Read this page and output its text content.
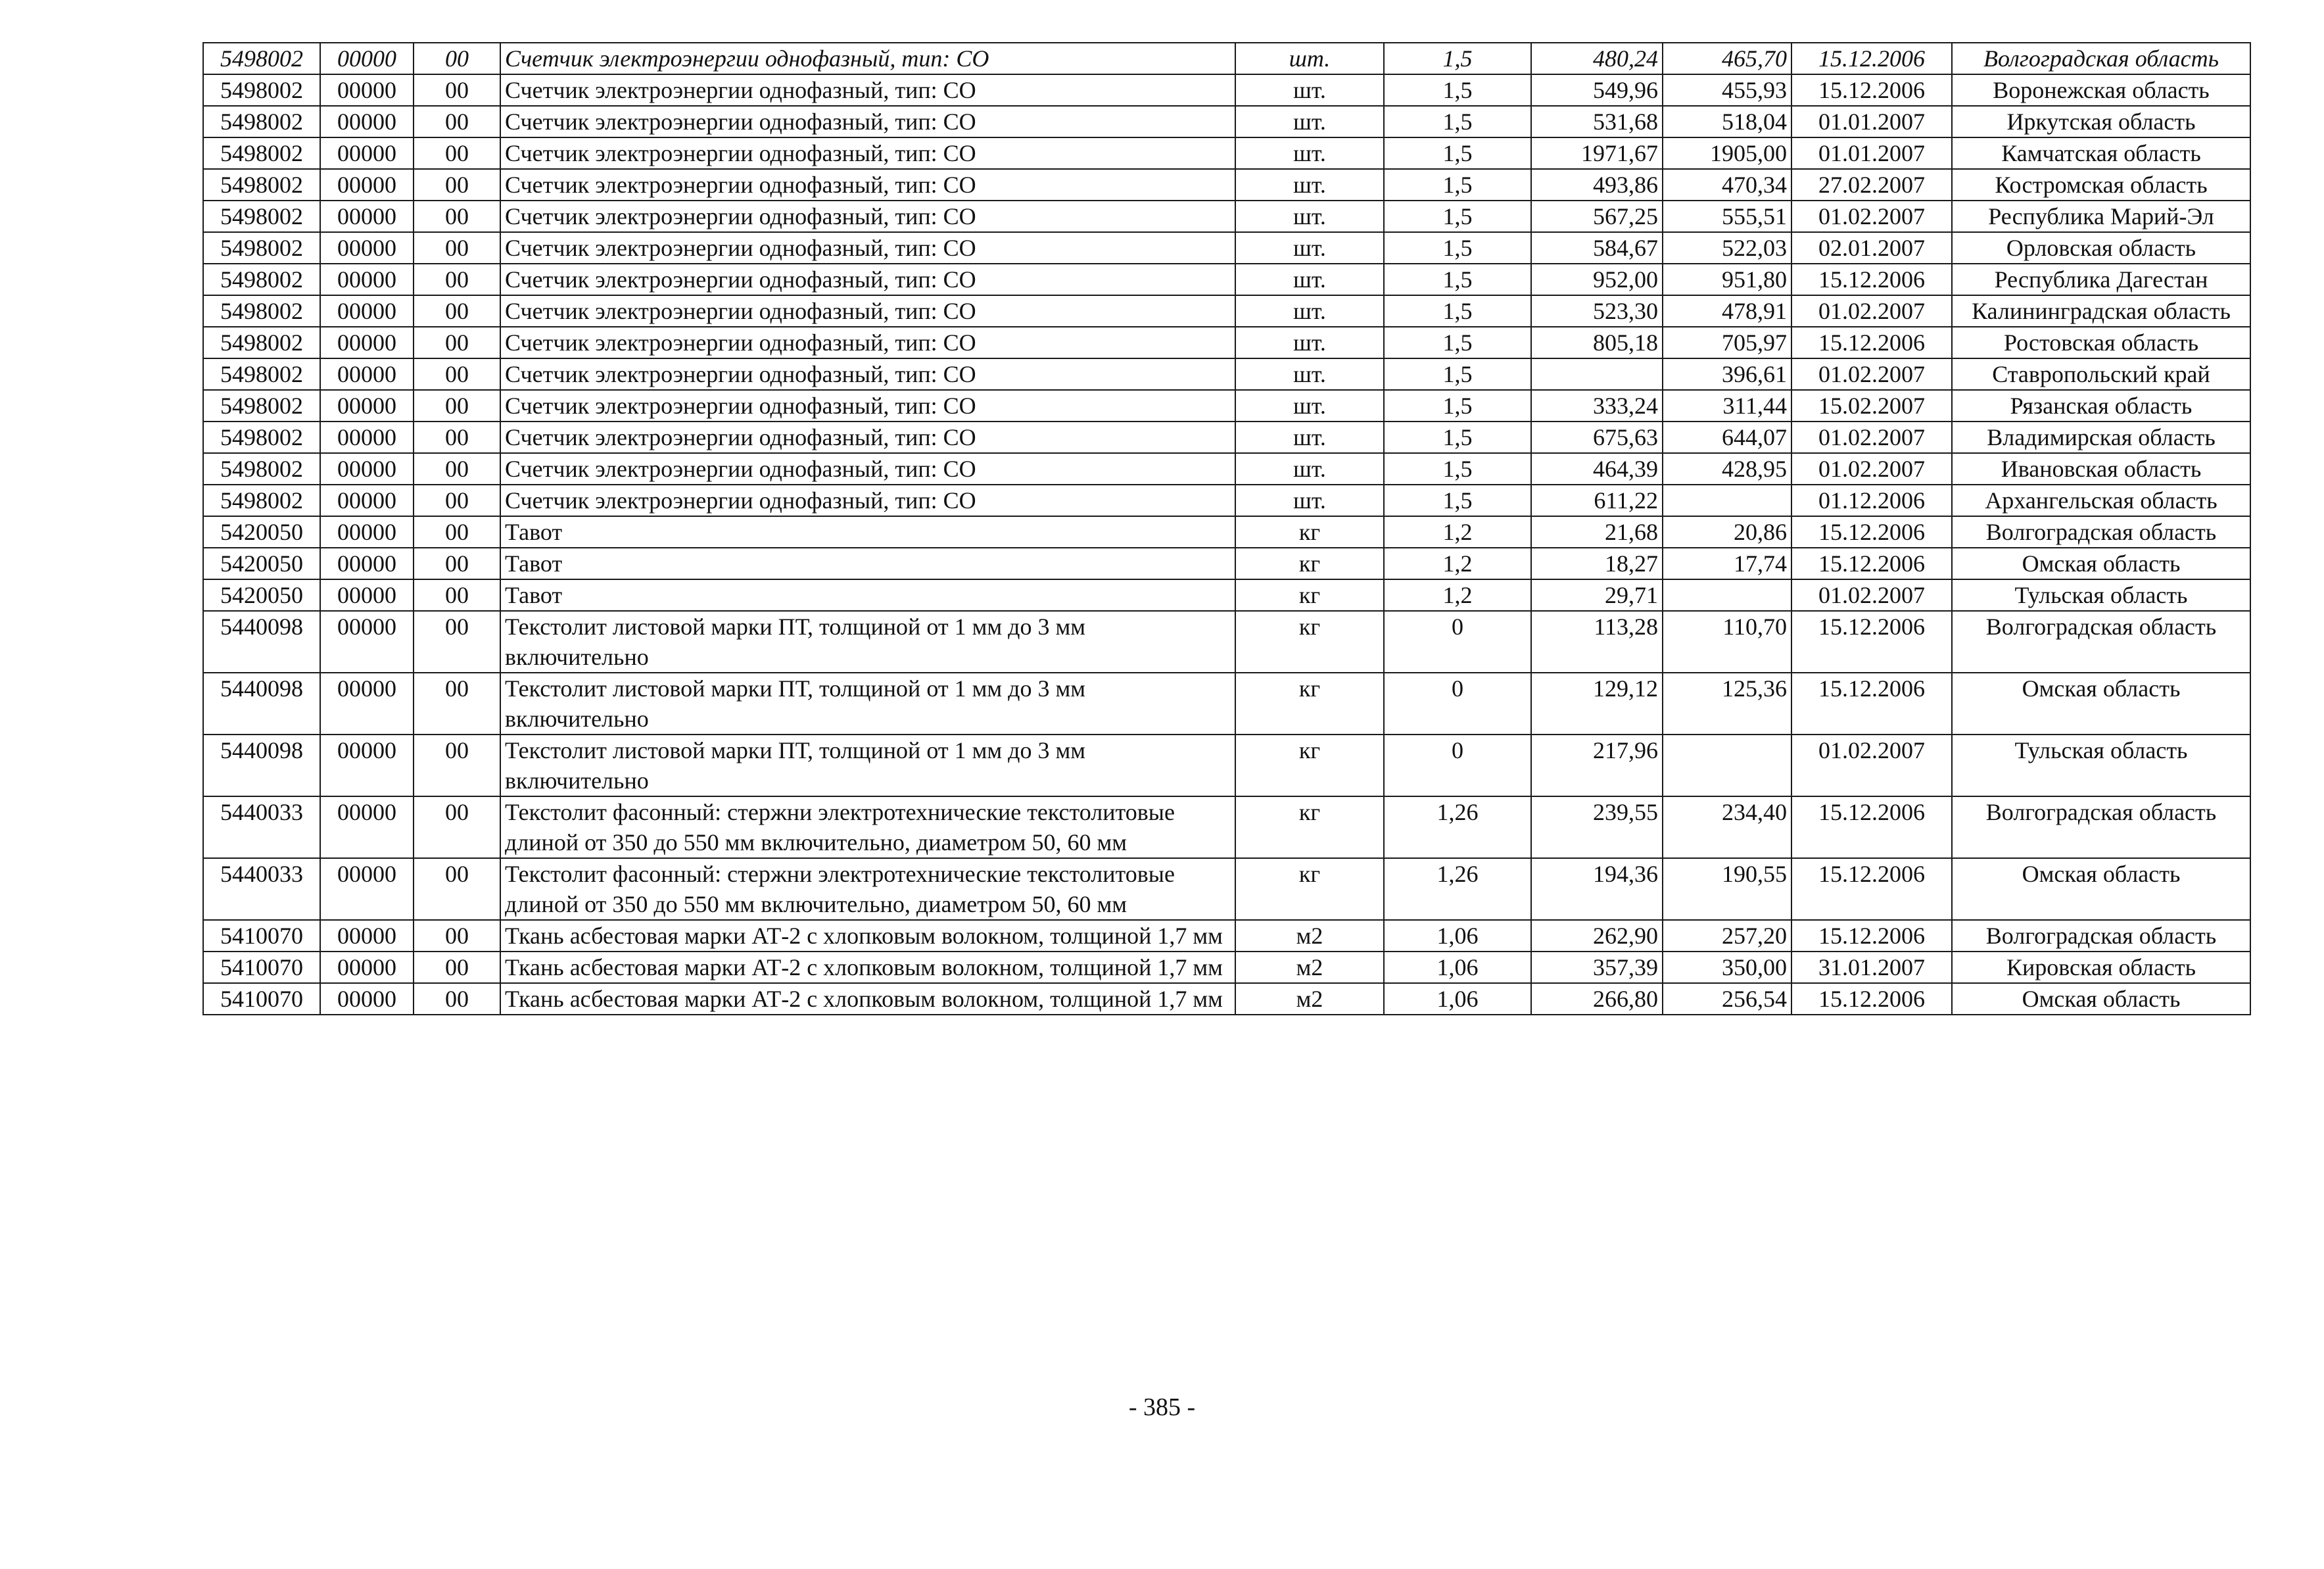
5498002	00000	00	Счетчик электроэнергии однофазный, тип: СО	шт.	1,5	480,24	465,70	15.12.2006	Волгоградская область
5498002	00000	00	Счетчик электроэнергии однофазный, тип: СО	шт.	1,5	549,96	455,93	15.12.2006	Воронежская область
5498002	00000	00	Счетчик электроэнергии однофазный, тип: СО	шт.	1,5	531,68	518,04	01.01.2007	Иркутская область
5498002	00000	00	Счетчик электроэнергии однофазный, тип: СО	шт.	1,5	1971,67	1905,00	01.01.2007	Камчатская область
5498002	00000	00	Счетчик электроэнергии однофазный, тип: СО	шт.	1,5	493,86	470,34	27.02.2007	Костромская область
5498002	00000	00	Счетчик электроэнергии однофазный, тип: СО	шт.	1,5	567,25	555,51	01.02.2007	Республика Марий-Эл
5498002	00000	00	Счетчик электроэнергии однофазный, тип: СО	шт.	1,5	584,67	522,03	02.01.2007	Орловская область
5498002	00000	00	Счетчик электроэнергии однофазный, тип: СО	шт.	1,5	952,00	951,80	15.12.2006	Республика Дагестан
5498002	00000	00	Счетчик электроэнергии однофазный, тип: СО	шт.	1,5	523,30	478,91	01.02.2007	Калининградская область
5498002	00000	00	Счетчик электроэнергии однофазный, тип: СО	шт.	1,5	805,18	705,97	15.12.2006	Ростовская область
5498002	00000	00	Счетчик электроэнергии однофазный, тип: СО	шт.	1,5		396,61	01.02.2007	Ставропольский край
5498002	00000	00	Счетчик электроэнергии однофазный, тип: СО	шт.	1,5	333,24	311,44	15.02.2007	Рязанская область
5498002	00000	00	Счетчик электроэнергии однофазный, тип: СО	шт.	1,5	675,63	644,07	01.02.2007	Владимирская область
5498002	00000	00	Счетчик электроэнергии однофазный, тип: СО	шт.	1,5	464,39	428,95	01.02.2007	Ивановская область
5498002	00000	00	Счетчик электроэнергии однофазный, тип: СО	шт.	1,5	611,22		01.12.2006	Архангельская область
5420050	00000	00	Тавот	кг	1,2	21,68	20,86	15.12.2006	Волгоградская область
5420050	00000	00	Тавот	кг	1,2	18,27	17,74	15.12.2006	Омская область
5420050	00000	00	Тавот	кг	1,2	29,71		01.02.2007	Тульская область
5440098	00000	00	Текстолит листовой марки ПТ, толщиной от 1 мм до 3 мм включительно	кг	0	113,28	110,70	15.12.2006	Волгоградская область
5440098	00000	00	Текстолит листовой марки ПТ, толщиной от 1 мм до 3 мм включительно	кг	0	129,12	125,36	15.12.2006	Омская область
5440098	00000	00	Текстолит листовой марки ПТ, толщиной от 1 мм до 3 мм включительно	кг	0	217,96		01.02.2007	Тульская область
5440033	00000	00	Текстолит фасонный: стержни электротехнические текстолитовые длиной от 350 до 550 мм включительно, диаметром 50, 60 мм	кг	1,26	239,55	234,40	15.12.2006	Волгоградская область
5440033	00000	00	Текстолит фасонный: стержни электротехнические текстолитовые длиной от 350 до 550 мм включительно, диаметром 50, 60 мм	кг	1,26	194,36	190,55	15.12.2006	Омская область
5410070	00000	00	Ткань асбестовая марки АТ-2 с хлопковым волокном, толщиной 1,7 мм	м2	1,06	262,90	257,20	15.12.2006	Волгоградская область
5410070	00000	00	Ткань асбестовая марки АТ-2 с хлопковым волокном, толщиной 1,7 мм	м2	1,06	357,39	350,00	31.01.2007	Кировская область
5410070	00000	00	Ткань асбестовая марки АТ-2 с хлопковым волокном, толщиной 1,7 мм	м2	1,06	266,80	256,54	15.12.2006	Омская область
- 385 -
